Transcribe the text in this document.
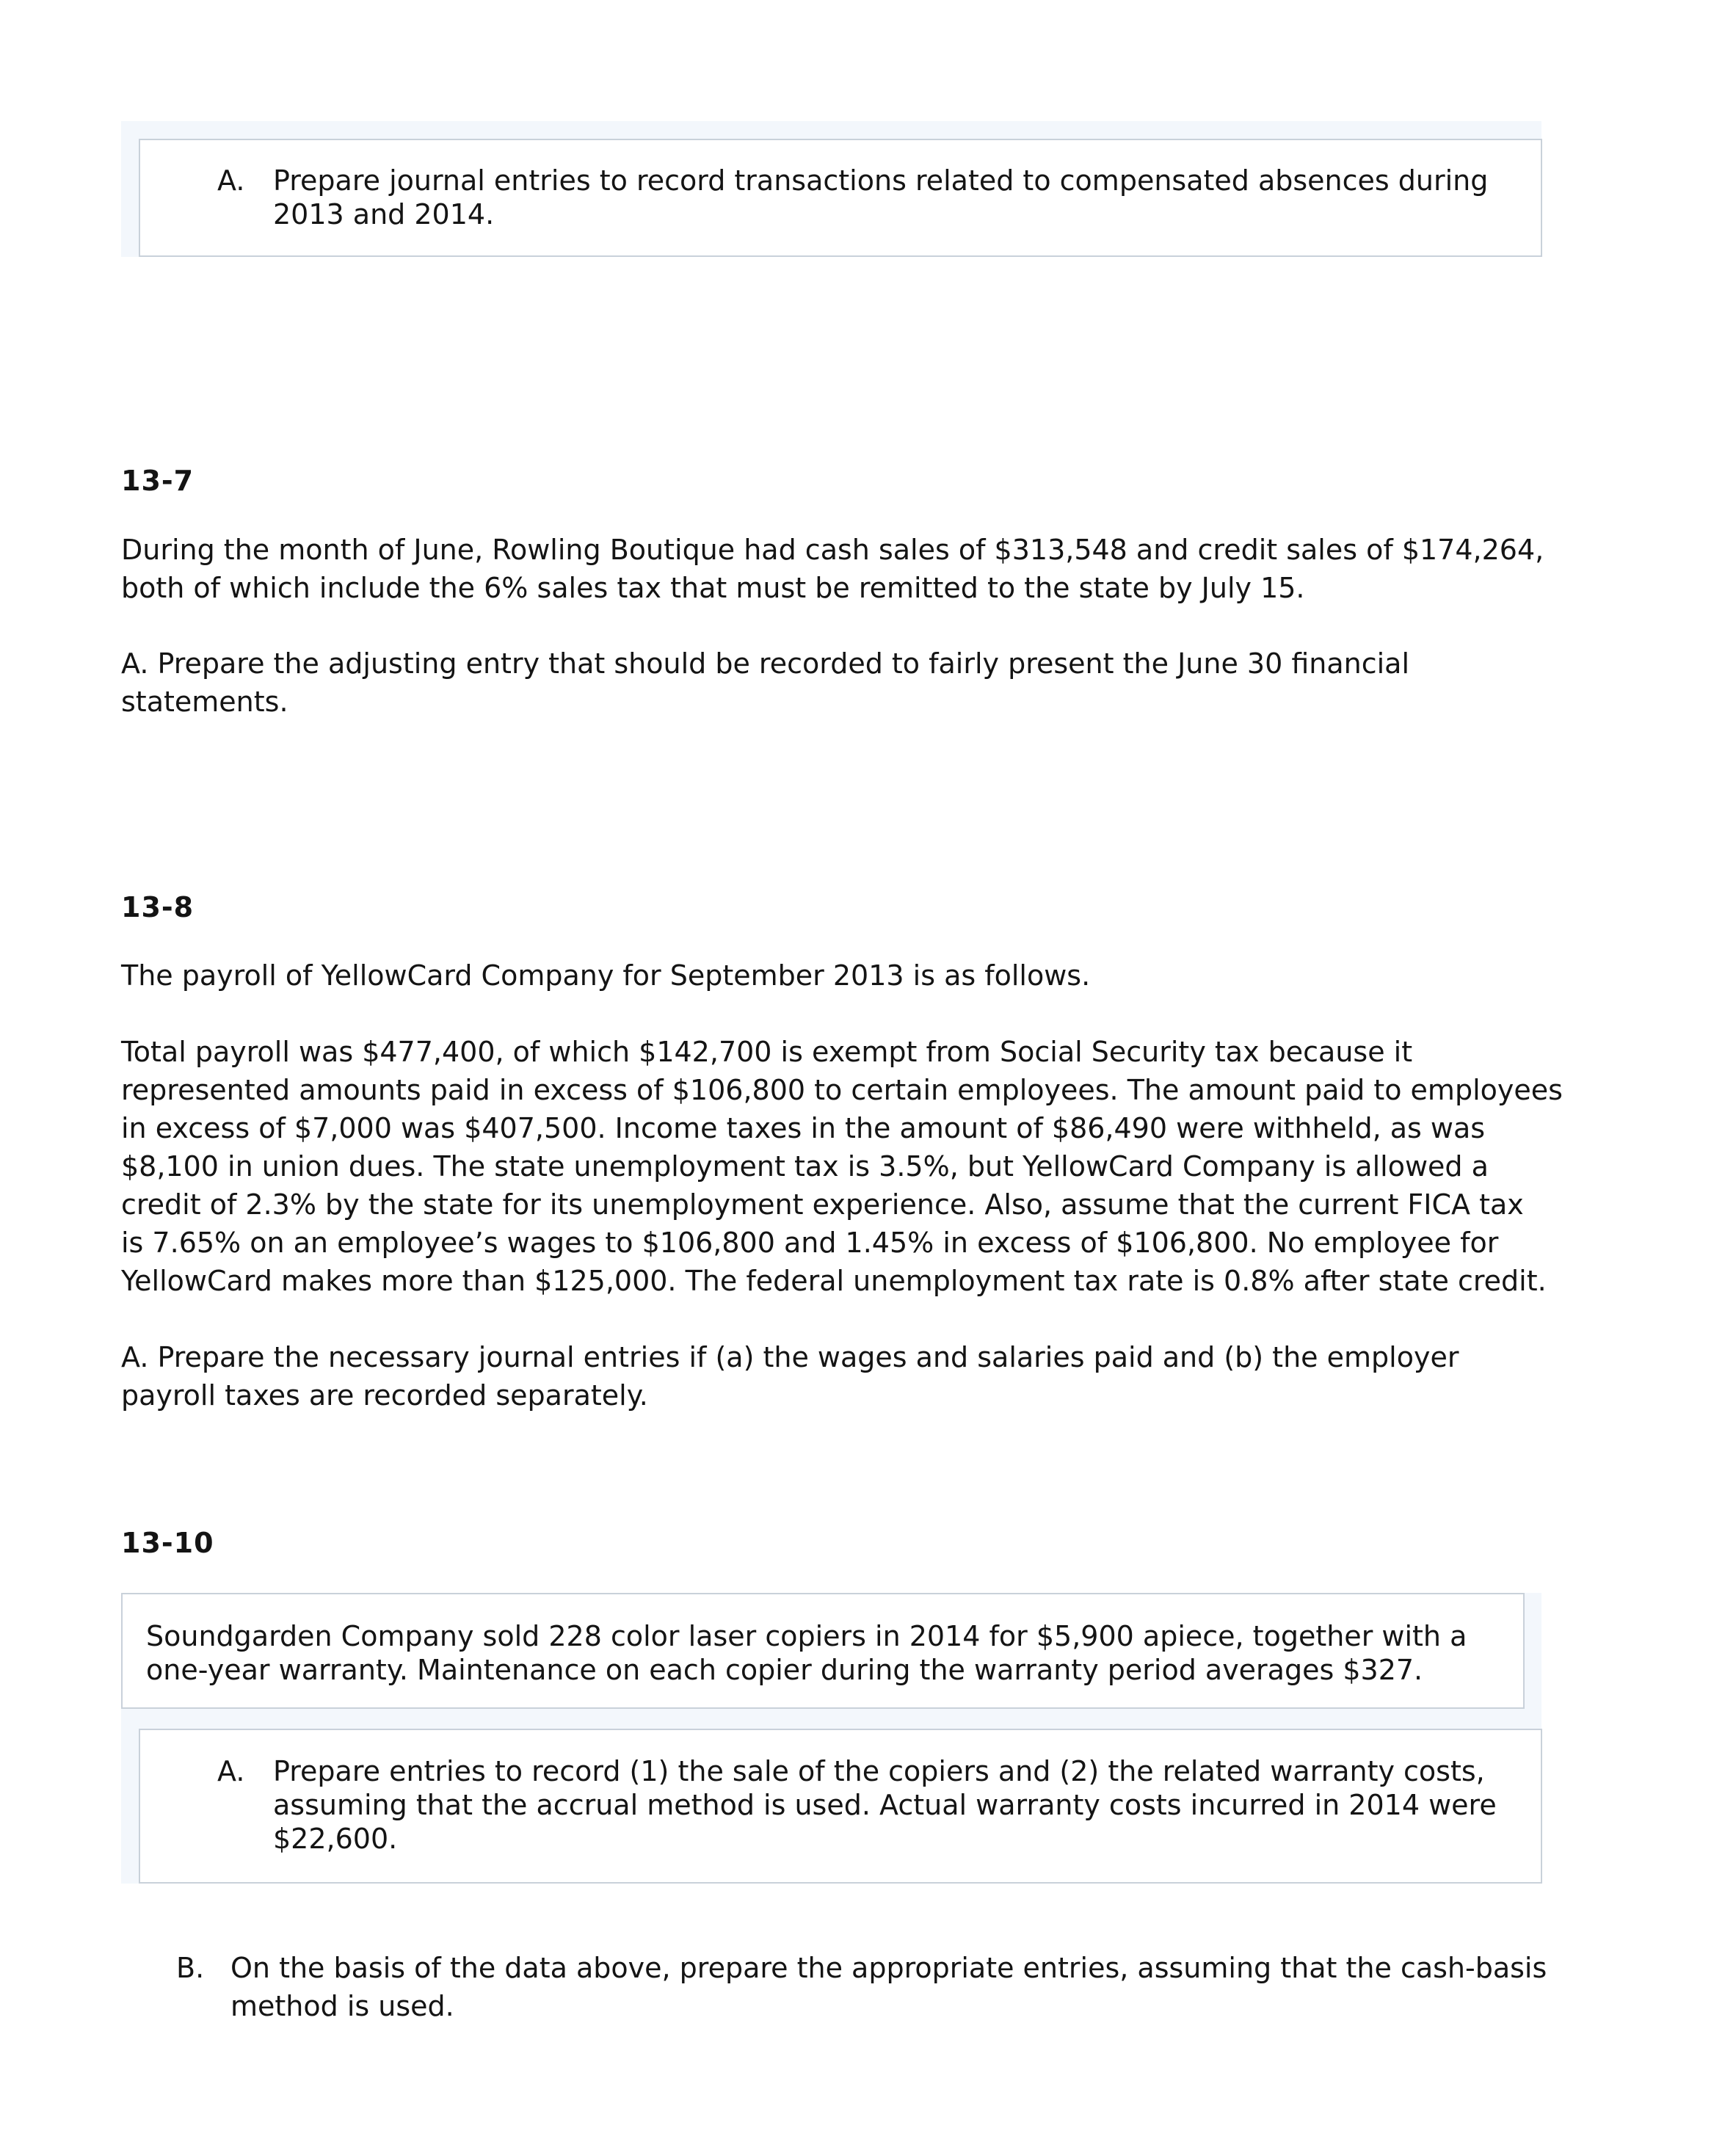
A. Prepare journal entries to record transactions related to compensated absences during
2013 and 2014.
13-7
During the month of June, Rowling Boutique had cash sales of $313,548 and credit sales of $174,264,
both of which include the 6% sales tax that must be remitted to the state by July 15.
A. Prepare the adjusting entry that should be recorded to fairly present the June 30 financial
statements.
13-8
The payroll of YellowCard Company for September 2013 is as follows.
Total payroll was $477,400, of which $142,700 is exempt from Social Security tax because it
represented amounts paid in excess of $106,800 to certain employees. The amount paid to employees
in excess of $7,000 was $407,500. Income taxes in the amount of $86,490 were withheld, as was
$8,100 in union dues. The state unemployment tax is 3.5%, but YellowCard Company is allowed a
credit of 2.3% by the state for its unemployment experience. Also, assume that the current FICA tax
is 7.65% on an employee’s wages to $106,800 and 1.45% in excess of $106,800. No employee for
YellowCard makes more than $125,000. The federal unemployment tax rate is 0.8% after state credit.
A. Prepare the necessary journal entries if (a) the wages and salaries paid and (b) the employer
payroll taxes are recorded separately.
13-10
Soundgarden Company sold 228 color laser copiers in 2014 for $5,900 apiece, together with a
one-year warranty. Maintenance on each copier during the warranty period averages $327.
A. Prepare entries to record (1) the sale of the copiers and (2) the related warranty costs,
assuming that the accrual method is used. Actual warranty costs incurred in 2014 were
$22,600.
B. On the basis of the data above, prepare the appropriate entries, assuming that the cash-basis
method is used.
